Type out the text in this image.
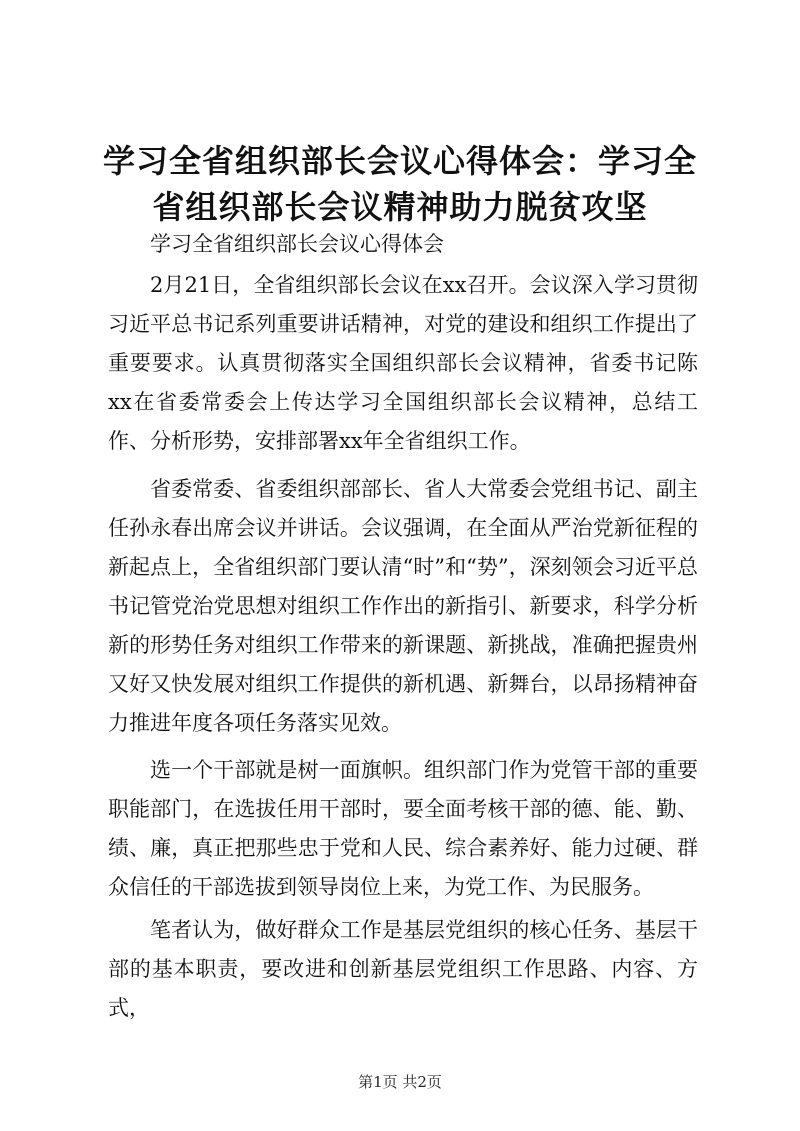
学习全省组织部长会议心得体会：学习全省组织部长会议精神助力脱贫攻坚

学习全省组织部长会议心得体会

2月21日，全省组织部长会议在xx召开。会议深入学习贯彻习近平总书记系列重要讲话精神，对党的建设和组织工作提出了重要要求。认真贯彻落实全国组织部长会议精神，省委书记陈xx在省委常委会上传达学习全国组织部长会议精神，总结工作、分析形势，安排部署xx年全省组织工作。

省委常委、省委组织部部长、省人大常委会党组书记、副主任孙永春出席会议并讲话。会议强调，在全面从严治党新征程的新起点上，全省组织部门要认清“时”和“势”，深刻领会习近平总书记管党治党思想对组织工作作出的新指引、新要求，科学分析新的形势任务对组织工作带来的新课题、新挑战，准确把握贵州又好又快发展对组织工作提供的新机遇、新舞台，以昂扬精神奋力推进年度各项任务落实见效。

选一个干部就是树一面旗帜。组织部门作为党管干部的重要职能部门，在选拔任用干部时，要全面考核干部的德、能、勤、绩、廉，真正把那些忠于党和人民、综合素养好、能力过硬、群众信任的干部选拔到领导岗位上来，为党工作、为民服务。

笔者认为，做好群众工作是基层党组织的核心任务、基层干部的基本职责，要改进和创新基层党组织工作思路、内容、方式，

第1页 共2页
